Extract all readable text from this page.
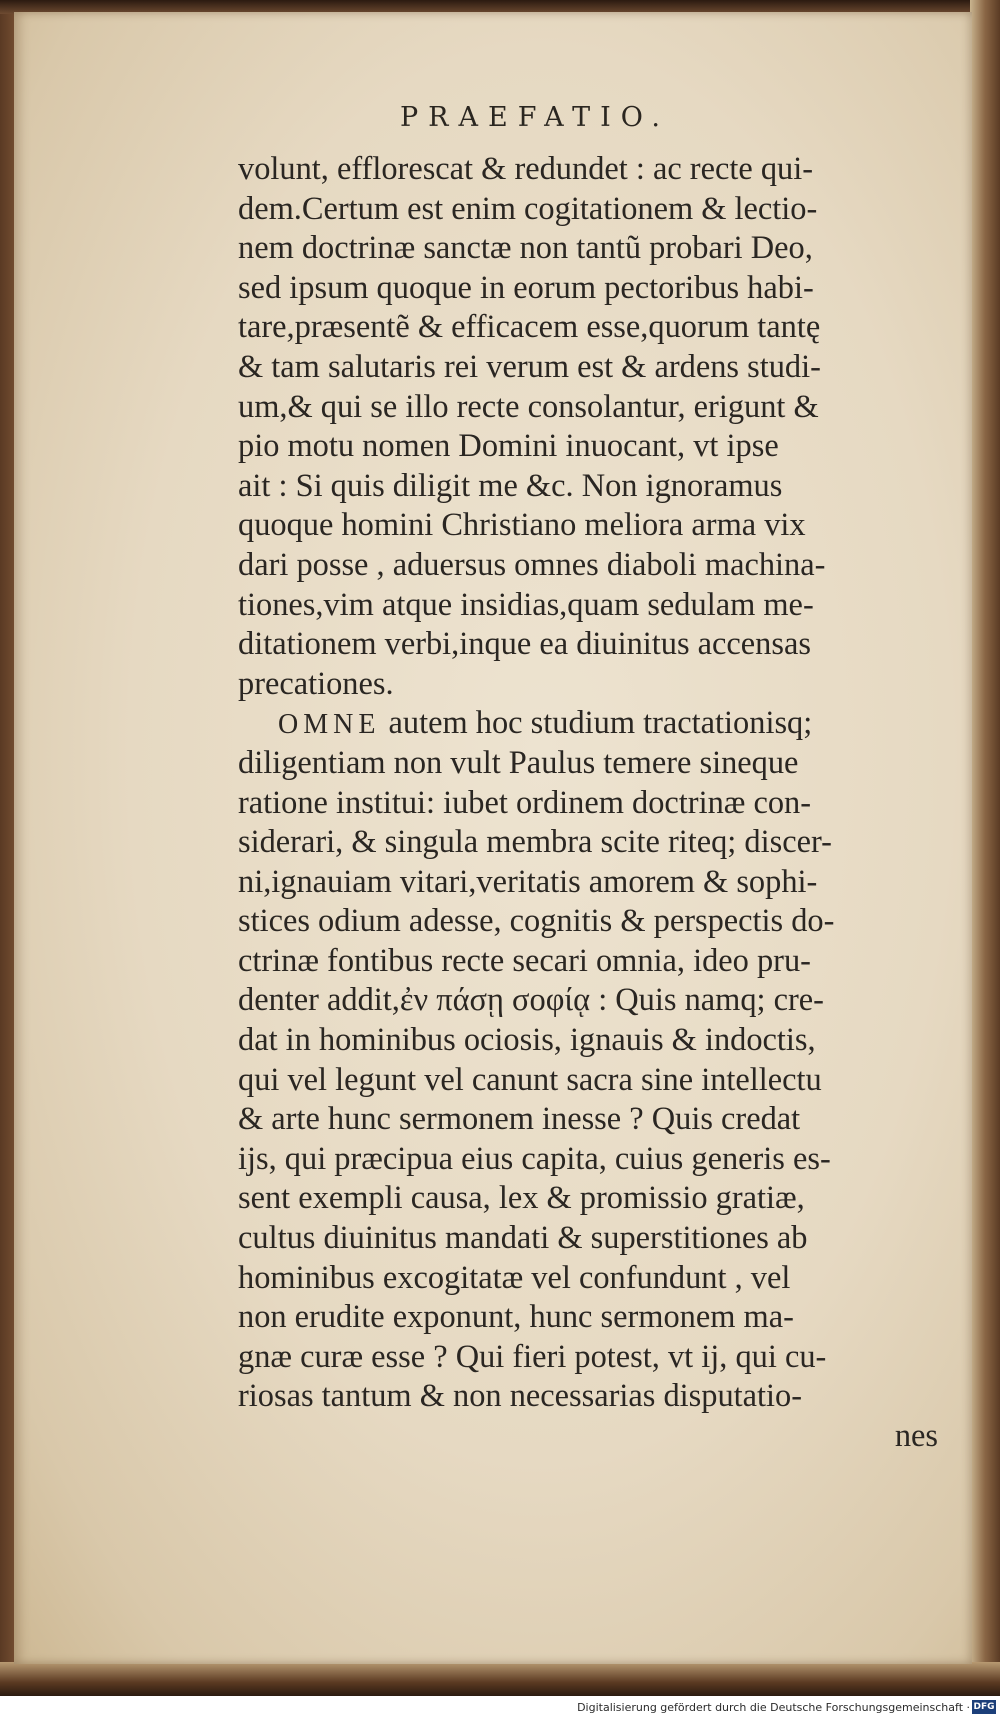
PRAEFATIO.
volunt, efflorescat & redundet : ac recte qui-
dem.Certum est enim cogitationem & lectio-
nem doctrinæ sanctæ non tantũ probari Deo,
sed ipsum quoque in eorum pectoribus habi-
tare,præsentẽ & efficacem esse,quorum tantę
& tam salutaris rei verum est & ardens studi-
um,& qui se illo recte consolantur, erigunt &
pio motu nomen Domini inuocant, vt ipse
ait : Si quis diligit me &c. Non ignoramus
quoque homini Christiano meliora arma vix
dari posse , aduersus omnes diaboli machina-
tiones,vim atque insidias,quam sedulam me-
ditationem verbi,inque ea diuinitus accensas
precationes.
OMNE autem hoc studium tractationisq;
diligentiam non vult Paulus temere sineque
ratione institui: iubet ordinem doctrinæ con-
siderari, & singula membra scite riteq; discer-
ni,ignauiam vitari,veritatis amorem & sophi-
stices odium adesse, cognitis & perspectis do-
ctrinæ fontibus recte secari omnia, ideo pru-
denter addit,ἐν πάσῃ σοφίᾳ : Quis namq; cre-
dat in hominibus ociosis, ignauis & indoctis,
qui vel legunt vel canunt sacra sine intellectu
& arte hunc sermonem inesse ? Quis credat
ijs, qui præcipua eius capita, cuius generis es-
sent exempli causa, lex & promissio gratiæ,
cultus diuinitus mandati & superstitiones ab
hominibus excogitatæ vel confundunt , vel
non erudite exponunt, hunc sermonem ma-
gnæ curæ esse ? Qui fieri potest, vt ij, qui cu-
riosas tantum & non necessarias disputatio-
nes
Digitalisierung gefördert durch die Deutsche Forschungsgemeinschaft · DFG
